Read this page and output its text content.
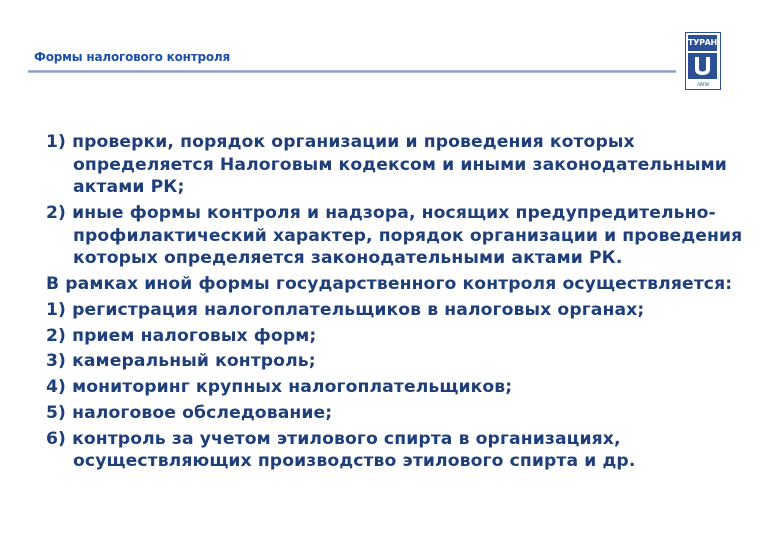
Формы налогового контроля
ТУРАН
АЙПИ
1) проверки, порядок организации и проведения которых определяется Налоговым кодексом и иными законодательными актами РК;
2) иные формы контроля и надзора, носящих предупредительно-профилактический характер, порядок организации и проведения которых определяется законодательными актами РК.
В рамках иной формы государственного контроля осуществляется:
1) регистрация налогоплательщиков в налоговых органах;
2) прием налоговых форм;
3) камеральный контроль;
4) мониторинг крупных налогоплательщиков;
5) налоговое обследование;
6) контроль за учетом этилового спирта в организациях, осуществляющих производство этилового спирта и др.
